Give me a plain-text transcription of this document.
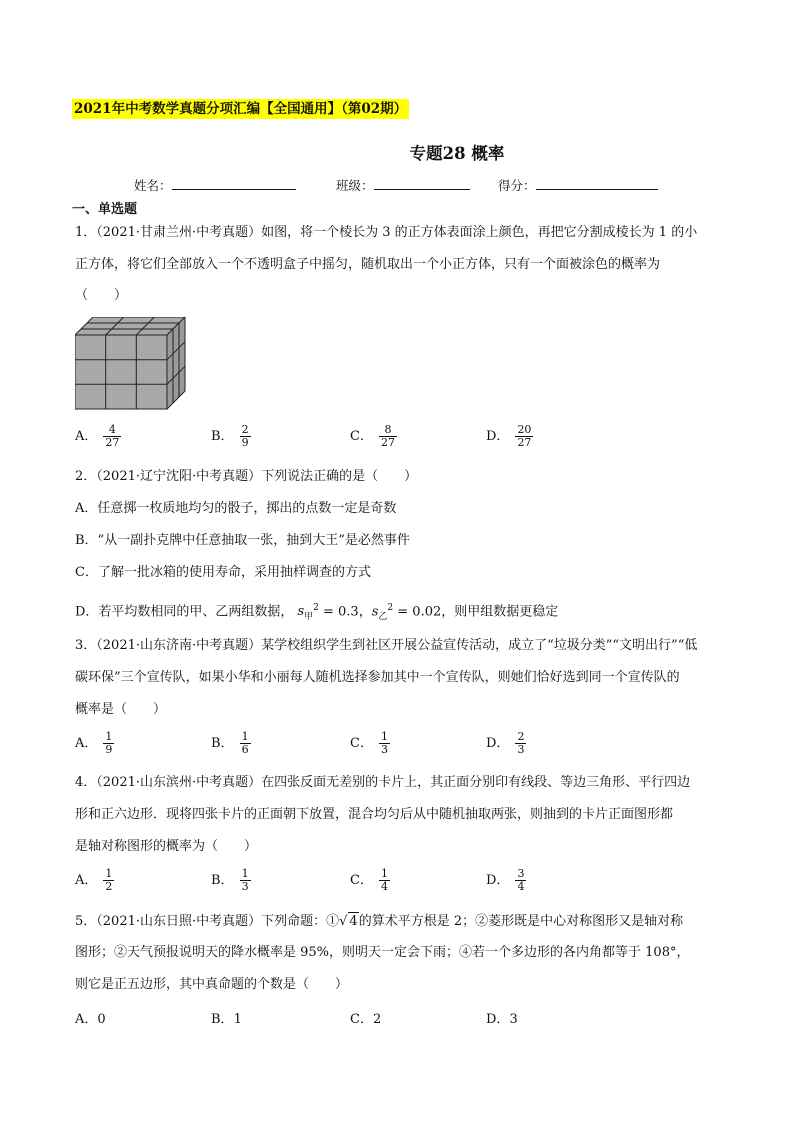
2021年中考数学真题分项汇编【全国通用】（第02期）
专题28 概率
姓名：	班级：	得分：
一、单选题
1．（2021·甘肃兰州·中考真题）如图，将一个棱长为 3 的正方体表面涂上颜色，再把它分割成棱长为 1 的小
正方体，将它们全部放入一个不透明盒子中摇匀，随机取出一个小正方体，只有一个面被涂色的概率为
（　　）
A． $\frac{4}{27}$	B． $\frac{2}{9}$	C． $\frac{8}{27}$	D． $\frac{20}{27}$
2．（2021·辽宁沈阳·中考真题）下列说法正确的是（　　）
A．任意掷一枚质地均匀的骰子，掷出的点数一定是奇数
B．“从一副扑克牌中任意抽取一张，抽到大王”是必然事件
C．了解一批冰箱的使用寿命，采用抽样调查的方式
D．若平均数相同的甲、乙两组数据， $s_甲^2 = 0.3$，$s_乙^2 = 0.02$，则甲组数据更稳定
3．（2021·山东济南·中考真题）某学校组织学生到社区开展公益宣传活动，成立了“垃圾分类”“文明出行”“低
碳环保”三个宣传队，如果小华和小丽每人随机选择参加其中一个宣传队，则她们恰好选到同一个宣传队的
概率是（　　）
A． $\frac{1}{9}$	B． $\frac{1}{6}$	C． $\frac{1}{3}$	D． $\frac{2}{3}$
4．（2021·山东滨州·中考真题）在四张反面无差别的卡片上，其正面分别印有线段、等边三角形、平行四边
形和正六边形．现将四张卡片的正面朝下放置，混合均匀后从中随机抽取两张，则抽到的卡片正面图形都
是轴对称图形的概率为（　　）
A． $\frac{1}{2}$	B． $\frac{1}{3}$	C． $\frac{1}{4}$	D． $\frac{3}{4}$
5．（2021·山东日照·中考真题）下列命题：①√ 4的算术平方根是 2；②菱形既是中心对称图形又是轴对称
图形；②天气预报说明天的降水概率是 95%，则明天一定会下雨；④若一个多边形的各内角都等于 108°，
则它是正五边形，其中真命题的个数是（　　）
A．0	B．1	C．2	D．3
